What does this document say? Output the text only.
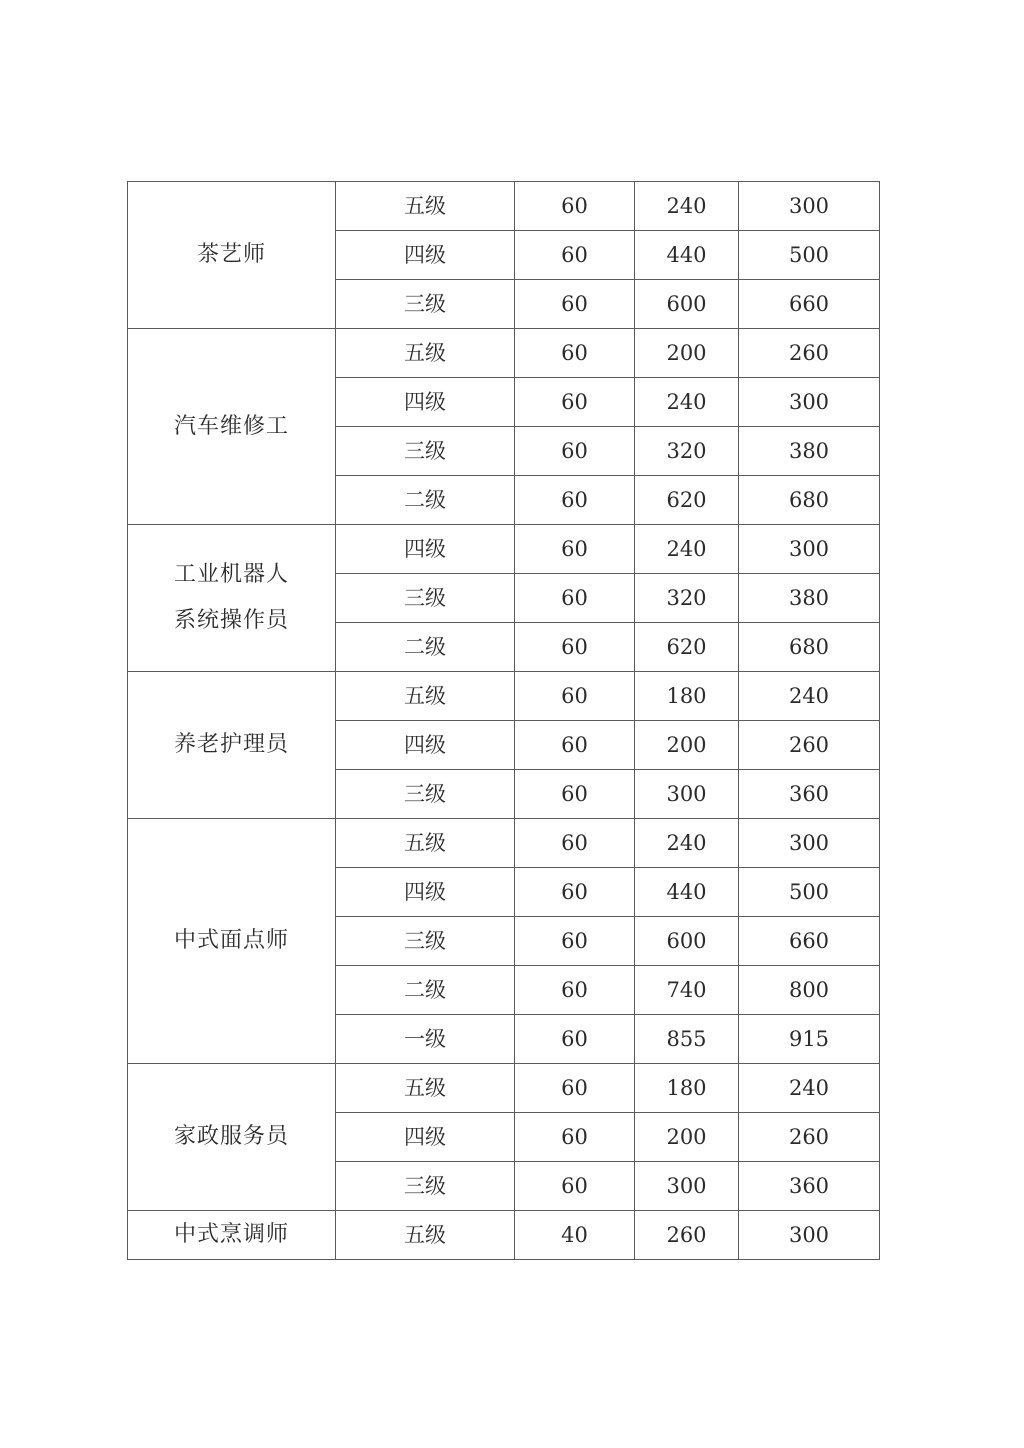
茶艺师	五级	60	240	300
	四级	60	440	500
	三级	60	600	660

汽车维修工	五级	60	200	260
	四级	60	240	300
	三级	60	320	380
	二级	60	620	680

工业机器人
系统操作员	四级	60	240	300
	三级	60	320	380
	二级	60	620	680

养老护理员	五级	60	180	240
	四级	60	200	260
	三级	60	300	360

中式面点师	五级	60	240	300
	四级	60	440	500
	三级	60	600	660
	二级	60	740	800
	一级	60	855	915

家政服务员	五级	60	180	240
	四级	60	200	260
	三级	60	300	360

中式烹调师	五级	40	260	300
